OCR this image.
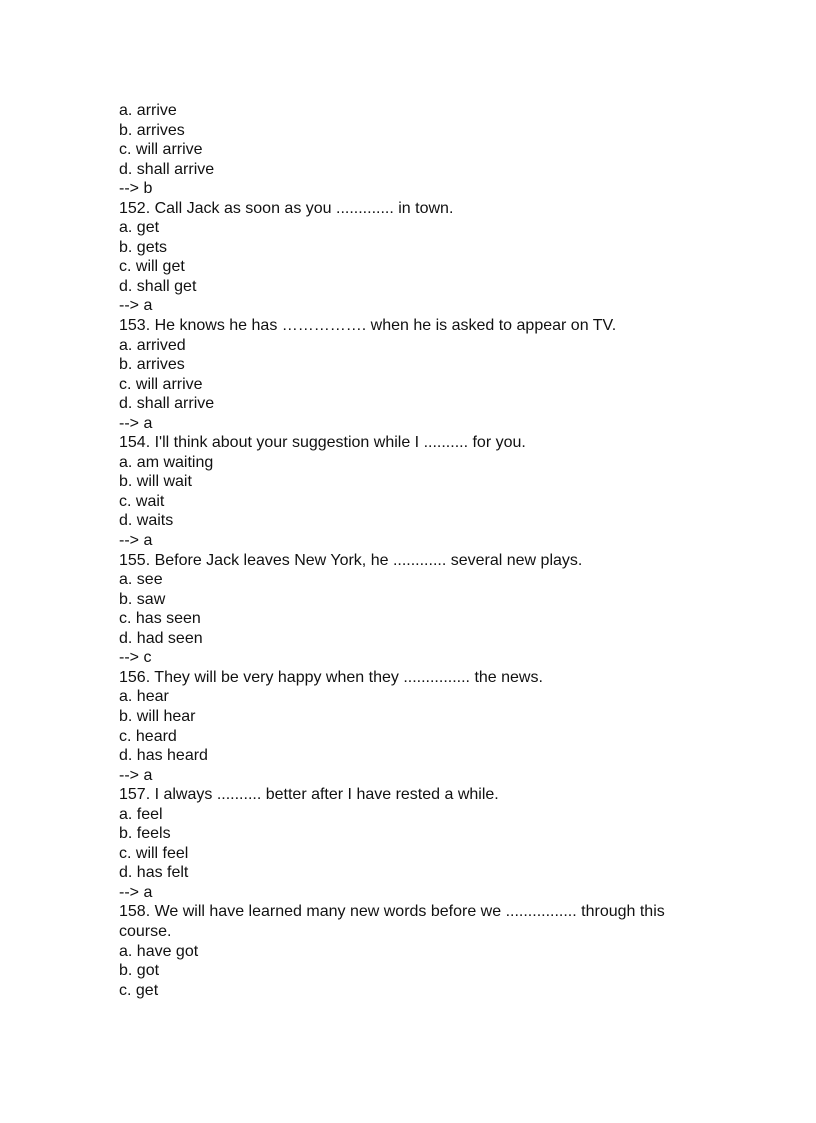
a. arrive
b. arrives
c. will arrive
d. shall arrive
--> b
152. Call Jack as soon as you ............. in town.
a. get
b. gets
c. will get
d. shall get
--> a
153. He knows he has ……………. when he is asked to appear on TV.
a. arrived
b. arrives
c. will arrive
d. shall arrive
--> a
154. I'll think about your suggestion while I .......... for you.
a. am waiting
b. will wait
c. wait
d. waits
--> a
155. Before Jack leaves New York, he ............ several new plays.
a. see
b. saw
c. has seen
d. had seen
--> c
156. They will be very happy when they ............... the news.
a. hear
b. will hear
c. heard
d. has heard
--> a
157. I always .......... better after I have rested a while.
a. feel
b. feels
c. will feel
d. has felt
--> a
158. We will have learned many new words before we ................ through this course.
a. have got
b. got
c. get
